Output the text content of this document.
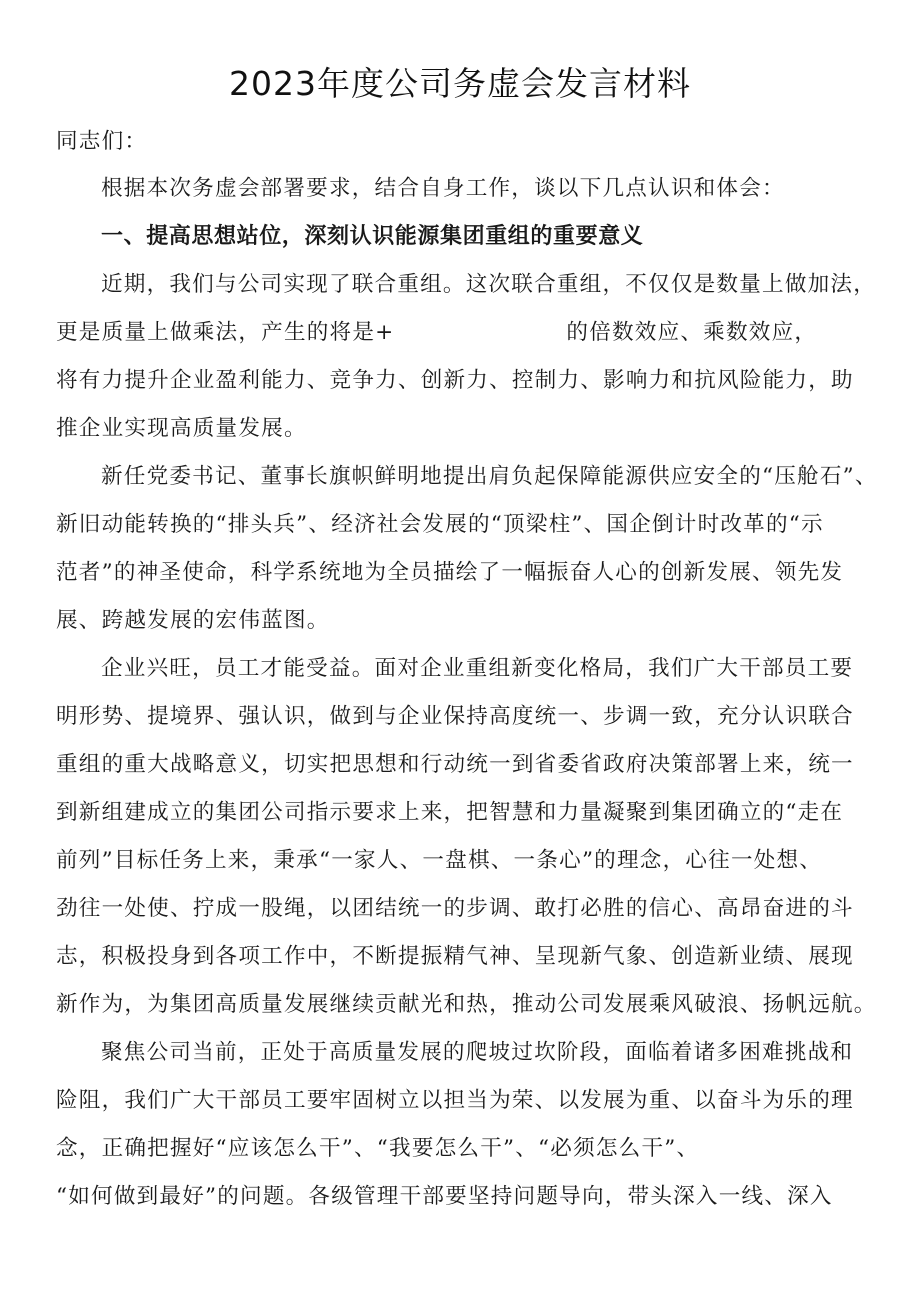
2023年度公司务虚会发言材料
同志们：
根据本次务虚会部署要求，结合自身工作，谈以下几点认识和体会：
一、提高思想站位，深刻认识能源集团重组的重要意义
近期，我们与公司实现了联合重组。这次联合重组，不仅仅是数量上做加法，
更是质量上做乘法，产生的将是+	的倍数效应、乘数效应，
将有力提升企业盈利能力、竞争力、创新力、控制力、影响力和抗风险能力，助
推企业实现高质量发展。
新任党委书记、董事长旗帜鲜明地提出肩负起保障能源供应安全的“压舱石”、
新旧动能转换的“排头兵”、经济社会发展的“顶梁柱”、国企倒计时改革的“示
范者”的神圣使命，科学系统地为全员描绘了一幅振奋人心的创新发展、领先发
展、跨越发展的宏伟蓝图。
企业兴旺，员工才能受益。面对企业重组新变化格局，我们广大干部员工要
明形势、提境界、强认识，做到与企业保持高度统一、步调一致，充分认识联合
重组的重大战略意义，切实把思想和行动统一到省委省政府决策部署上来，统一
到新组建成立的集团公司指示要求上来，把智慧和力量凝聚到集团确立的“走在
前列”目标任务上来，秉承“一家人、一盘棋、一条心”的理念，心往一处想、
劲往一处使、拧成一股绳，以团结统一的步调、敢打必胜的信心、高昂奋进的斗
志，积极投身到各项工作中，不断提振精气神、呈现新气象、创造新业绩、展现
新作为，为集团高质量发展继续贡献光和热，推动公司发展乘风破浪、扬帆远航。
聚焦公司当前，正处于高质量发展的爬坡过坎阶段，面临着诸多困难挑战和
险阻，我们广大干部员工要牢固树立以担当为荣、以发展为重、以奋斗为乐的理
念，正确把握好“应该怎么干”、“我要怎么干”、“必须怎么干”、
“如何做到最好”的问题。各级管理干部要坚持问题导向，带头深入一线、深入
